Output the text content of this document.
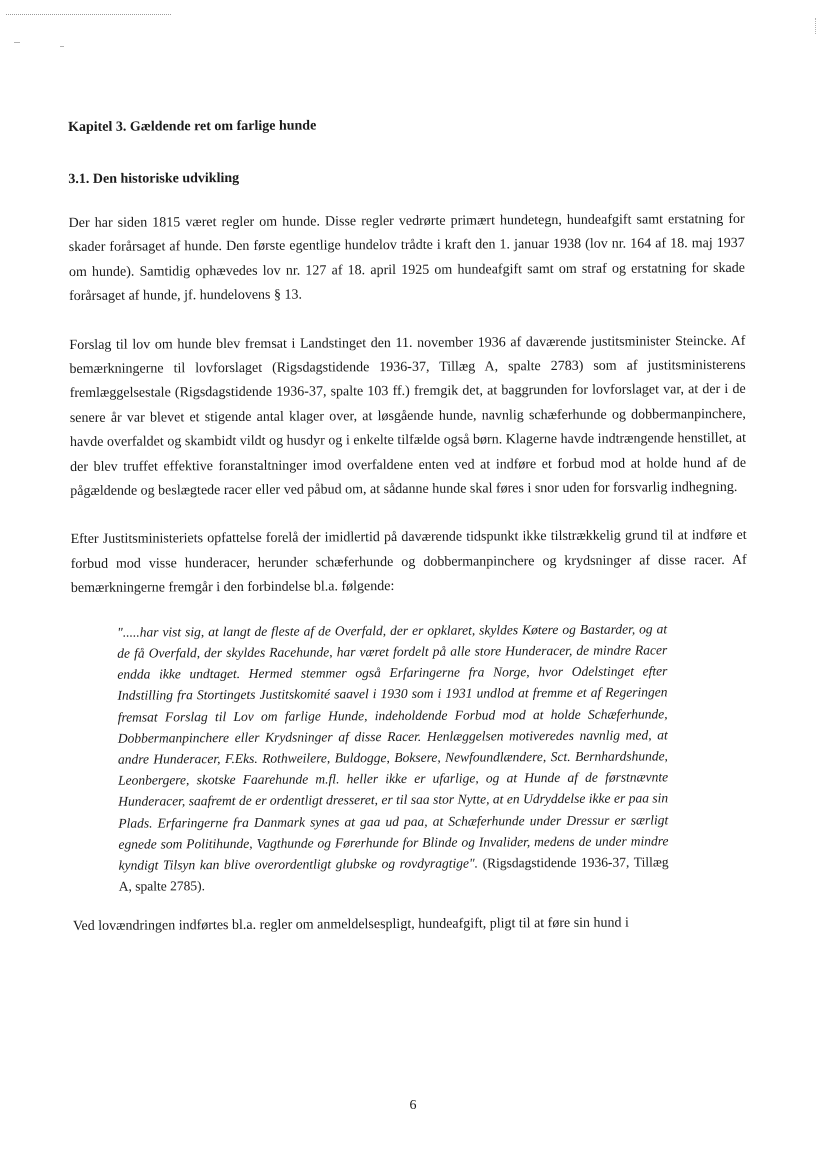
Kapitel 3. Gældende ret om farlige hunde
3.1. Den historiske udvikling

Der har siden 1815 været regler om hunde. Disse regler vedrørte primært hundetegn, hundeafgift samt erstatning for skader forårsaget af hunde. Den første egentlige hundelov trådte i kraft den 1. januar 1938 (lov nr. 164 af 18. maj 1937 om hunde). Samtidig ophævedes lov nr. 127 af 18. april 1925 om hundeafgift samt om straf og erstatning for skade forårsaget af hunde, jf. hundelovens § 13.

Forslag til lov om hunde blev fremsat i Landstinget den 11. november 1936 af daværende justitsminister Steincke. Af bemærkningerne til lovforslaget (Rigsdagstidende 1936-37, Tillæg A, spalte 2783) som af justitsministerens fremlæggelsestale (Rigsdagstidende 1936-37, spalte 103 ff.) fremgik det, at baggrunden for lovforslaget var, at der i de senere år var blevet et stigende antal klager over, at løsgående hunde, navnlig schæferhunde og dobbermanpinchere, havde overfaldet og skambidt vildt og husdyr og i enkelte tilfælde også børn. Klagerne havde indtrængende henstillet, at der blev truffet effektive foranstaltninger imod overfaldene enten ved at indføre et forbud mod at holde hund af de pågældende og beslægtede racer eller ved påbud om, at sådanne hunde skal føres i snor uden for forsvarlig indhegning.

Efter Justitsministeriets opfattelse forelå der imidlertid på daværende tidspunkt ikke tilstrækkelig grund til at indføre et forbud mod visse hunderacer, herunder schæferhunde og dobbermanpinchere og krydsninger af disse racer. Af bemærkningerne fremgår i den forbindelse bl.a. følgende:

".....har vist sig, at langt de fleste af de Overfald, der er opklaret, skyldes Køtere og Bastarder, og at de få Overfald, der skyldes Racehunde, har været fordelt på alle store Hunderacer, de mindre Racer endda ikke undtaget. Hermed stemmer også Erfaringerne fra Norge, hvor Odelstinget efter Indstilling fra Stortingets Justitskomité saavel i 1930 som i 1931 undlod at fremme et af Regeringen fremsat Forslag til Lov om farlige Hunde, indeholdende Forbud mod at holde Schæferhunde, Dobbermanpinchere eller Krydsninger af disse Racer. Henlæggelsen motiveredes navnlig med, at andre Hunderacer, F.Eks. Rothweilere, Buldogge, Boksere, Newfoundlændere, Sct. Bernhardshunde, Leonbergere, skotske Faarehunde m.fl. heller ikke er ufarlige, og at Hunde af de førstnævnte Hunderacer, saafremt de er ordentligt dresseret, er til saa stor Nytte, at en Udryddelse ikke er paa sin Plads. Erfaringerne fra Danmark synes at gaa ud paa, at Schæferhunde under Dressur er særligt egnede som Politihunde, Vagthunde og Førerhunde for Blinde og Invalider, medens de under mindre kyndigt Tilsyn kan blive overordentligt glubske og rovdyragtige". (Rigsdagstidende 1936-37, Tillæg A, spalte 2785).

Ved lovændringen indførtes bl.a. regler om anmeldelsespligt, hundeafgift, pligt til at føre sin hund i

6
